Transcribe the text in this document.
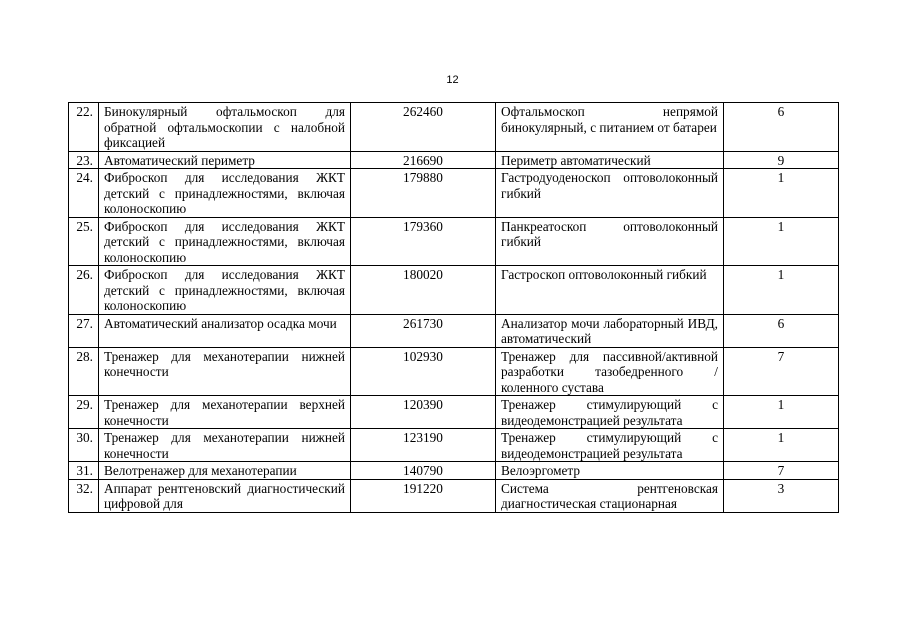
12
22.	Бинокулярный офтальмоскоп для обратной офтальмоскопии с налобной фиксацией	262460	Офтальмоскоп непрямой бинокулярный, с питанием от батареи	6
23.	Автоматический периметр	216690	Периметр автоматический	9
24.	Фиброскоп для исследования ЖКТ детский с принадлежностями, включая колоноскопию	179880	Гастродуоденоскоп оптоволоконный гибкий	1
25.	Фиброскоп для исследования ЖКТ детский с принадлежностями, включая колоноскопию	179360	Панкреатоскоп оптоволоконный гибкий	1
26.	Фиброскоп для исследования ЖКТ детский с принадлежностями, включая колоноскопию	180020	Гастроскоп оптоволоконный гибкий	1
27.	Автоматический анализатор осадка мочи	261730	Анализатор мочи лабораторный ИВД, автоматический	6
28.	Тренажер для механотерапии нижней конечности	102930	Тренажер для пассивной/активной разработки тазобедренного /коленного сустава	7
29.	Тренажер для механотерапии верхней конечности	120390	Тренажер стимулирующий с видеодемонстрацией результата	1
30.	Тренажер для механотерапии нижней конечности	123190	Тренажер стимулирующий с видеодемонстрацией результата	1
31.	Велотренажер для механотерапии	140790	Велоэргометр	7
32.	Аппарат рентгеновский диагностический цифровой для	191220	Система рентгеновская диагностическая стационарная	3
